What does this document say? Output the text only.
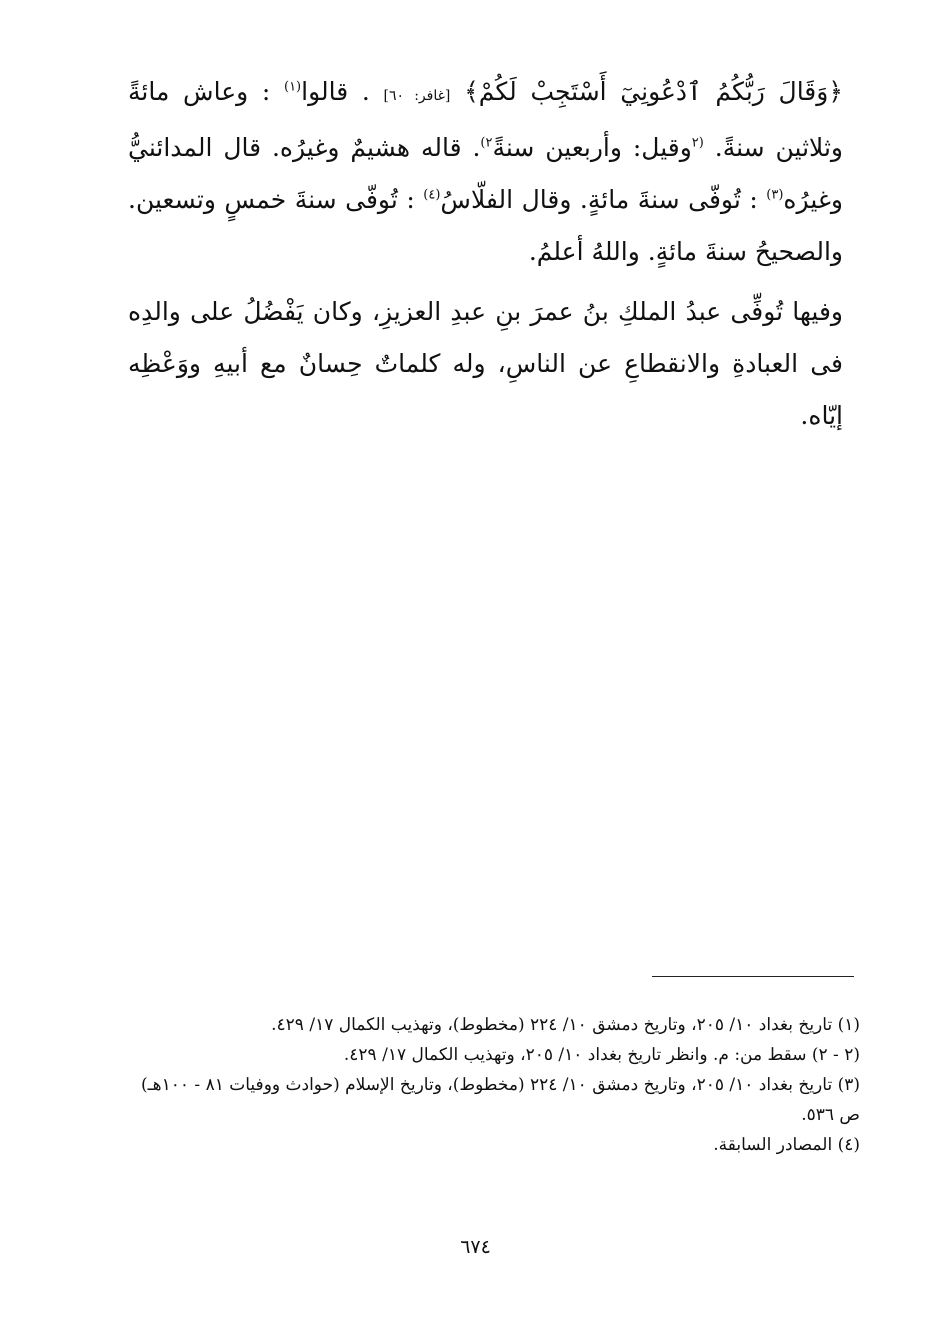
﴿وَقَالَ رَبُّكُمُ ٱدْعُونِيٓ أَسْتَجِبْ لَكُمْ﴾ [غافر: ٦٠] . قالوا$^{(١)}$ : وعاش مائةً وثلاثين سنةً. $^{(٢}$وقيل: وأربعين سنةً$^{٢)}$. قاله هشيمٌ وغيرُه. قال المدائنيُّ وغيرُه$^{(٣)}$ : تُوفّى سنةَ مائةٍ. وقال الفلّاسُ$^{(٤)}$ : تُوفّى سنةَ خمسٍ وتسعين. والصحيحُ سنةَ مائةٍ. واللهُ أعلمُ.

وفيها تُوفِّى عبدُ الملكِ بنُ عمرَ بنِ عبدِ العزيزِ، وكان يَفْضُلُ على والدِه فى العبادةِ والانقطاعِ عن الناسِ، وله كلماتٌ حِسانٌ مع أبيهِ ووَعْظِه إيّاه.

(١) تاريخ بغداد ١٠/ ٢٠٥، وتاريخ دمشق ١٠/ ٢٢٤ (مخطوط)، وتهذيب الكمال ١٧/ ٤٢٩.

(٢ - ٢) سقط من: م. وانظر تاريخ بغداد ١٠/ ٢٠٥، وتهذيب الكمال ١٧/ ٤٢٩.

(٣) تاريخ بغداد ١٠/ ٢٠٥، وتاريخ دمشق ١٠/ ٢٢٤ (مخطوط)، وتاريخ الإسلام (حوادث ووفيات ٨١ - ١٠٠هـ) ص ٥٣٦.

(٤) المصادر السابقة.

٦٧٤
